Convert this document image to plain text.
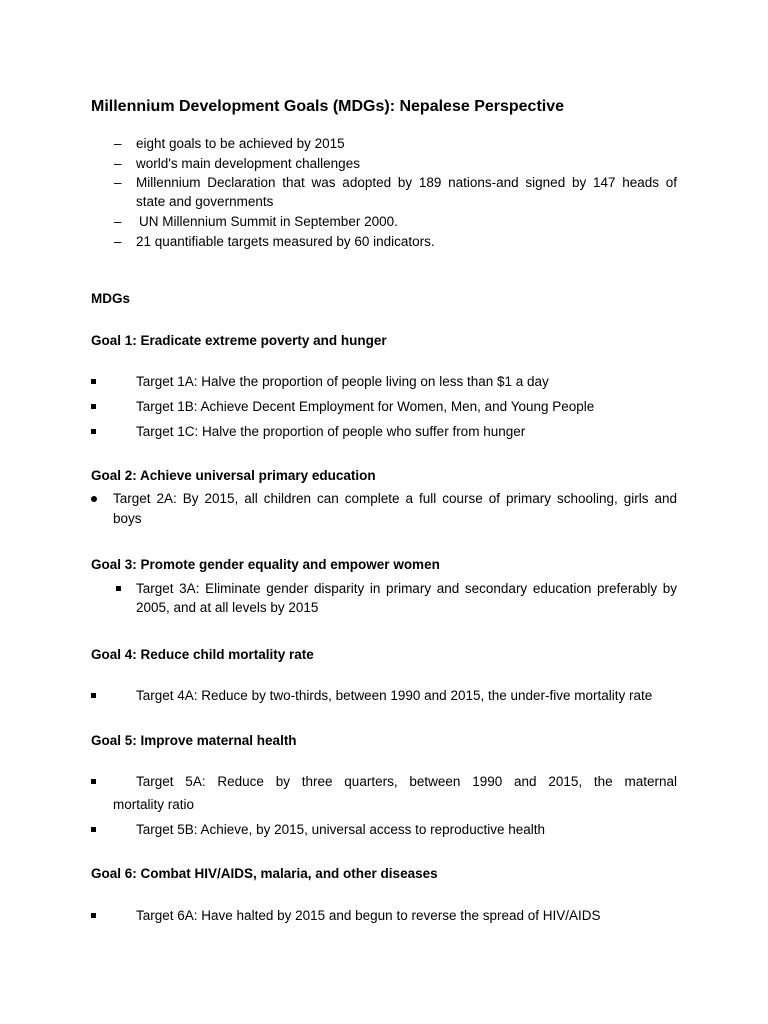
Millennium Development Goals (MDGs): Nepalese Perspective
–	eight goals to be achieved by 2015
–	world's main development challenges
–	Millennium Declaration that was adopted by 189 nations-and signed by 147 heads of
state and governments
–	UN Millennium Summit in September 2000.
–	21 quantifiable targets measured by 60 indicators.
MDGs
Goal 1: Eradicate extreme poverty and hunger
Target 1A: Halve the proportion of people living on less than $1 a day
Target 1B: Achieve Decent Employment for Women, Men, and Young People
Target 1C: Halve the proportion of people who suffer from hunger
Goal 2: Achieve universal primary education
Target 2A: By 2015, all children can complete a full course of primary schooling, girls and
boys
Goal 3: Promote gender equality and empower women
Target 3A: Eliminate gender disparity in primary and secondary education preferably by
2005, and at all levels by 2015
Goal 4: Reduce child mortality rate
Target 4A: Reduce by two-thirds, between 1990 and 2015, the under-five mortality rate
Goal 5: Improve maternal health
Target 5A: Reduce by three quarters, between 1990 and 2015, the maternal
mortality ratio
Target 5B: Achieve, by 2015, universal access to reproductive health
Goal 6: Combat HIV/AIDS, malaria, and other diseases
Target 6A: Have halted by 2015 and begun to reverse the spread of HIV/AIDS
